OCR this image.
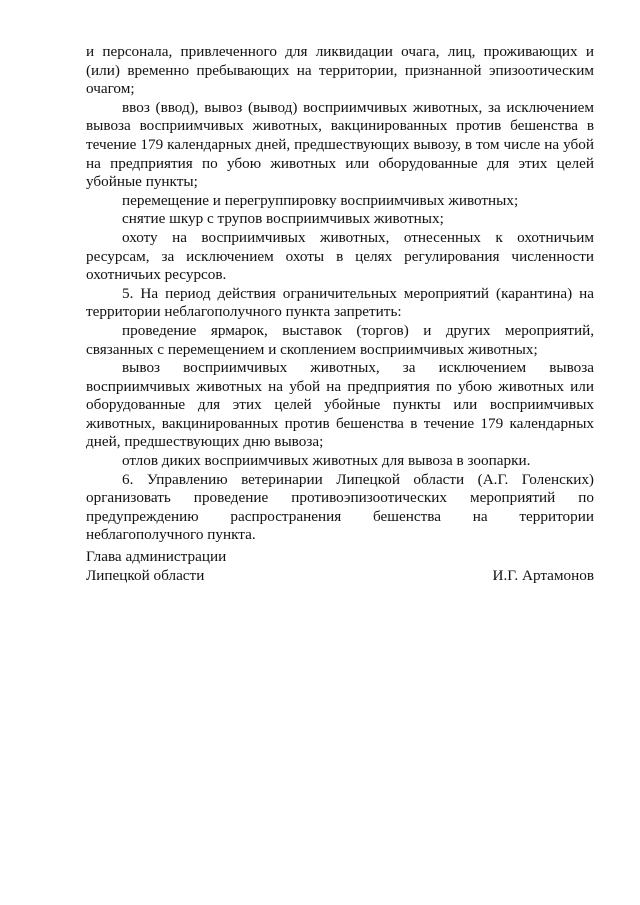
и персонала, привлеченного для ликвидации очага, лиц, проживающих и (или) временно пребывающих на территории, признанной эпизоотическим очагом;

ввоз (ввод), вывоз (вывод) восприимчивых животных, за исключением вывоза восприимчивых животных, вакцинированных против бешенства в течение 179 календарных дней, предшествующих вывозу, в том числе на убой на предприятия по убою животных или оборудованные для этих целей убойные пункты;

перемещение и перегруппировку восприимчивых животных;

снятие шкур с трупов восприимчивых животных;

охоту на восприимчивых животных, отнесенных к охотничьим ресурсам, за исключением охоты в целях регулирования численности охотничьих ресурсов.

5. На период действия ограничительных мероприятий (карантина) на территории неблагополучного пункта запретить:

проведение ярмарок, выставок (торгов) и других мероприятий, связанных с перемещением и скоплением восприимчивых животных;

вывоз восприимчивых животных, за исключением вывоза восприимчивых животных на убой на предприятия по убою животных или оборудованные для этих целей убойные пункты или восприимчивых животных, вакцинированных против бешенства в течение 179 календарных дней, предшествующих дню вывоза;

отлов диких восприимчивых животных для вывоза в зоопарки.

6. Управлению ветеринарии Липецкой области (А.Г. Голенских) организовать проведение противоэпизоотических мероприятий по предупреждению распространения бешенства на территории неблагополучного пункта.

Глава администрации
Липецкой области	И.Г. Артамонов
